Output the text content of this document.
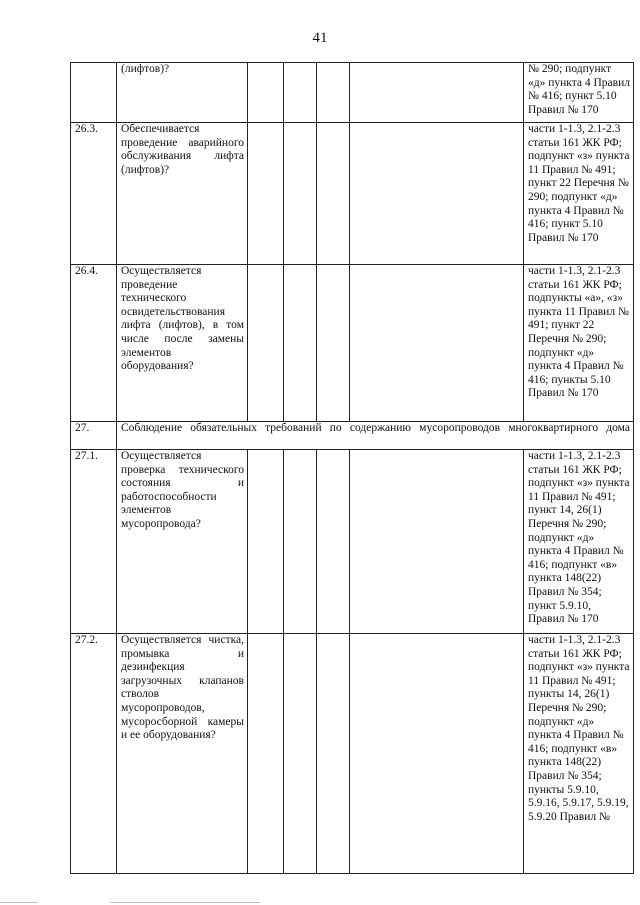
41
	(лифтов)?					№ 290; подпункт «д» пункта 4 Правил № 416; пункт 5.10 Правил № 170
26.3.	Обеспечивается проведение аварийного обслуживания лифта (лифтов)?					части 1-1.3, 2.1-2.3 статьи 161 ЖК РФ; подпункт «з» пункта 11 Правил № 491; пункт 22 Перечня № 290; подпункт «д» пункта 4 Правил № 416; пункт 5.10 Правил № 170
26.4.	Осуществляется проведение технического освидетельствования лифта (лифтов), в том числе после замены элементов оборудования?					части 1-1.3, 2.1-2.3 статьи 161 ЖК РФ; подпункты «а», «з» пункта 11 Правил № 491; пункт 22 Перечня № 290; подпункт «д» пункта 4 Правил № 416; пункты 5.10 Правил № 170
27.	Соблюдение обязательных требований по содержанию мусоропроводов многоквартирного дома					

27.1.	Осуществляется проверка технического состояния и работоспособности элементов мусоропровода?					части 1-1.3, 2.1-2.3 статьи 161 ЖК РФ; подпункт «з» пункта 11 Правил № 491; пункт 14, 26(1) Перечня № 290; подпункт «д» пункта 4 Правил № 416; подпункт «в» пункта 148(22) Правил № 354; пункт 5.9.10, Правил № 170
27.2.	Осуществляется чистка, промывка и дезинфекция загрузочных клапанов стволов мусоропроводов, мусоросборной камеры и ее оборудования?					части 1-1.3, 2.1-2.3 статьи 161 ЖК РФ; подпункт «з» пункта 11 Правил № 491; пункты 14, 26(1) Перечня № 290; подпункт «д» пункта 4 Правил № 416; подпункт «в» пункта 148(22) Правил № 354; пункты 5.9.10, 5.9.16, 5.9.17, 5.9.19, 5.9.20 Правил №
